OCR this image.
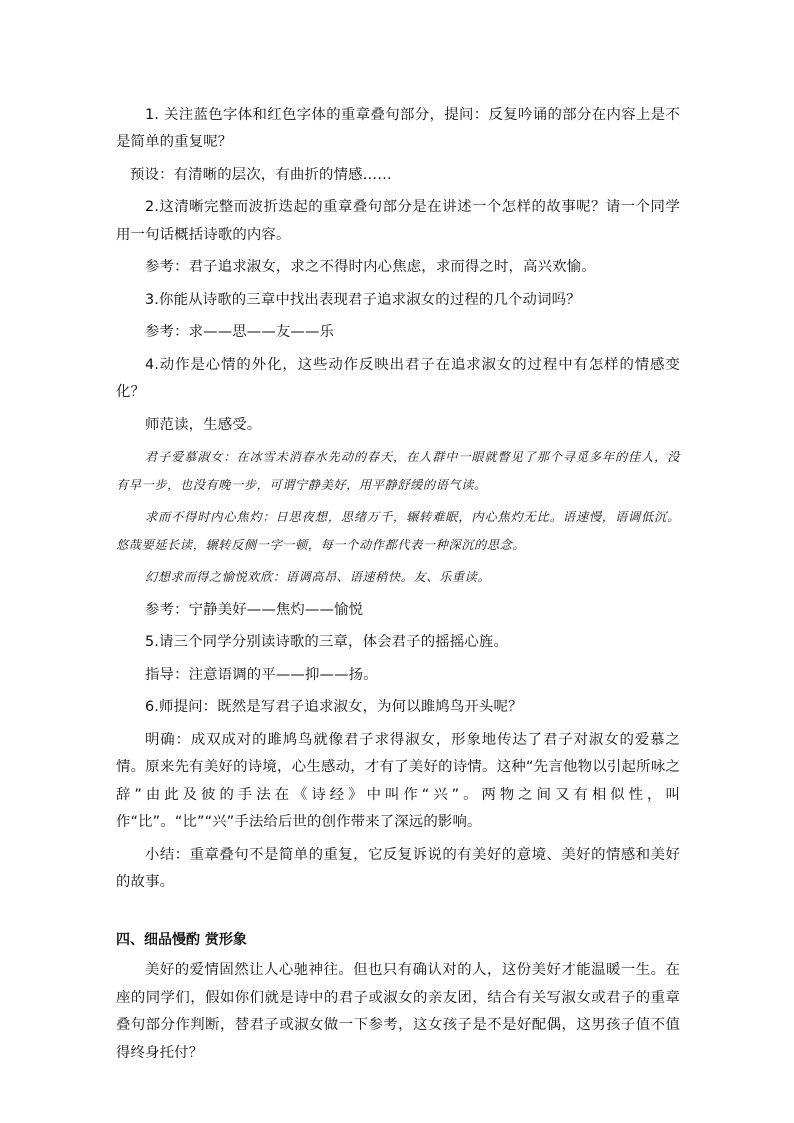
1. 关注蓝色字体和红色字体的重章叠句部分，提问：反复吟诵的部分在内容上是不是简单的重复呢？

预设：有清晰的层次，有曲折的情感……

2.这清晰完整而波折迭起的重章叠句部分是在讲述一个怎样的故事呢？请一个同学用一句话概括诗歌的内容。

参考：君子追求淑女，求之不得时内心焦虑，求而得之时，高兴欢愉。

3.你能从诗歌的三章中找出表现君子追求淑女的过程的几个动词吗？

参考：求——思——友——乐

4.动作是心情的外化，这些动作反映出君子在追求淑女的过程中有怎样的情感变化？

师范读，生感受。

君子爱慕淑女：在冰雪未消春水先动的春天，在人群中一眼就瞥见了那个寻觅多年的佳人，没有早一步，也没有晚一步，可谓宁静美好，用平静舒缓的语气读。

求而不得时内心焦灼：日思夜想，思绪万千，辗转难眠，内心焦灼无比。语速慢，语调低沉。悠哉要延长读，辗转反侧一字一顿，每一个动作都代表一种深沉的思念。

幻想求而得之愉悦欢欣：语调高昂、语速稍快。友、乐重读。

参考：宁静美好——焦灼——愉悦

5.请三个同学分别读诗歌的三章，体会君子的摇摇心旌。

指导：注意语调的平——抑——扬。

6.师提问：既然是写君子追求淑女，为何以雎鸠鸟开头呢？

明确：成双成对的雎鸠鸟就像君子求得淑女，形象地传达了君子对淑女的爱慕之情。原来先有美好的诗境，心生感动，才有了美好的诗情。这种“先言他物以引起所咏之辞”由此及彼的手法在《诗经》中叫作“兴”。两物之间又有相似性，叫作“比”。“比”“兴”手法给后世的创作带来了深远的影响。

小结：重章叠句不是简单的重复，它反复诉说的有美好的意境、美好的情感和美好的故事。

四、细品慢酌 赏形象

美好的爱情固然让人心驰神往。但也只有确认对的人，这份美好才能温暖一生。在座的同学们，假如你们就是诗中的君子或淑女的亲友团，结合有关写淑女或君子的重章叠句部分作判断，替君子或淑女做一下参考，这女孩子是不是好配偶，这男孩子值不值得终身托付？
